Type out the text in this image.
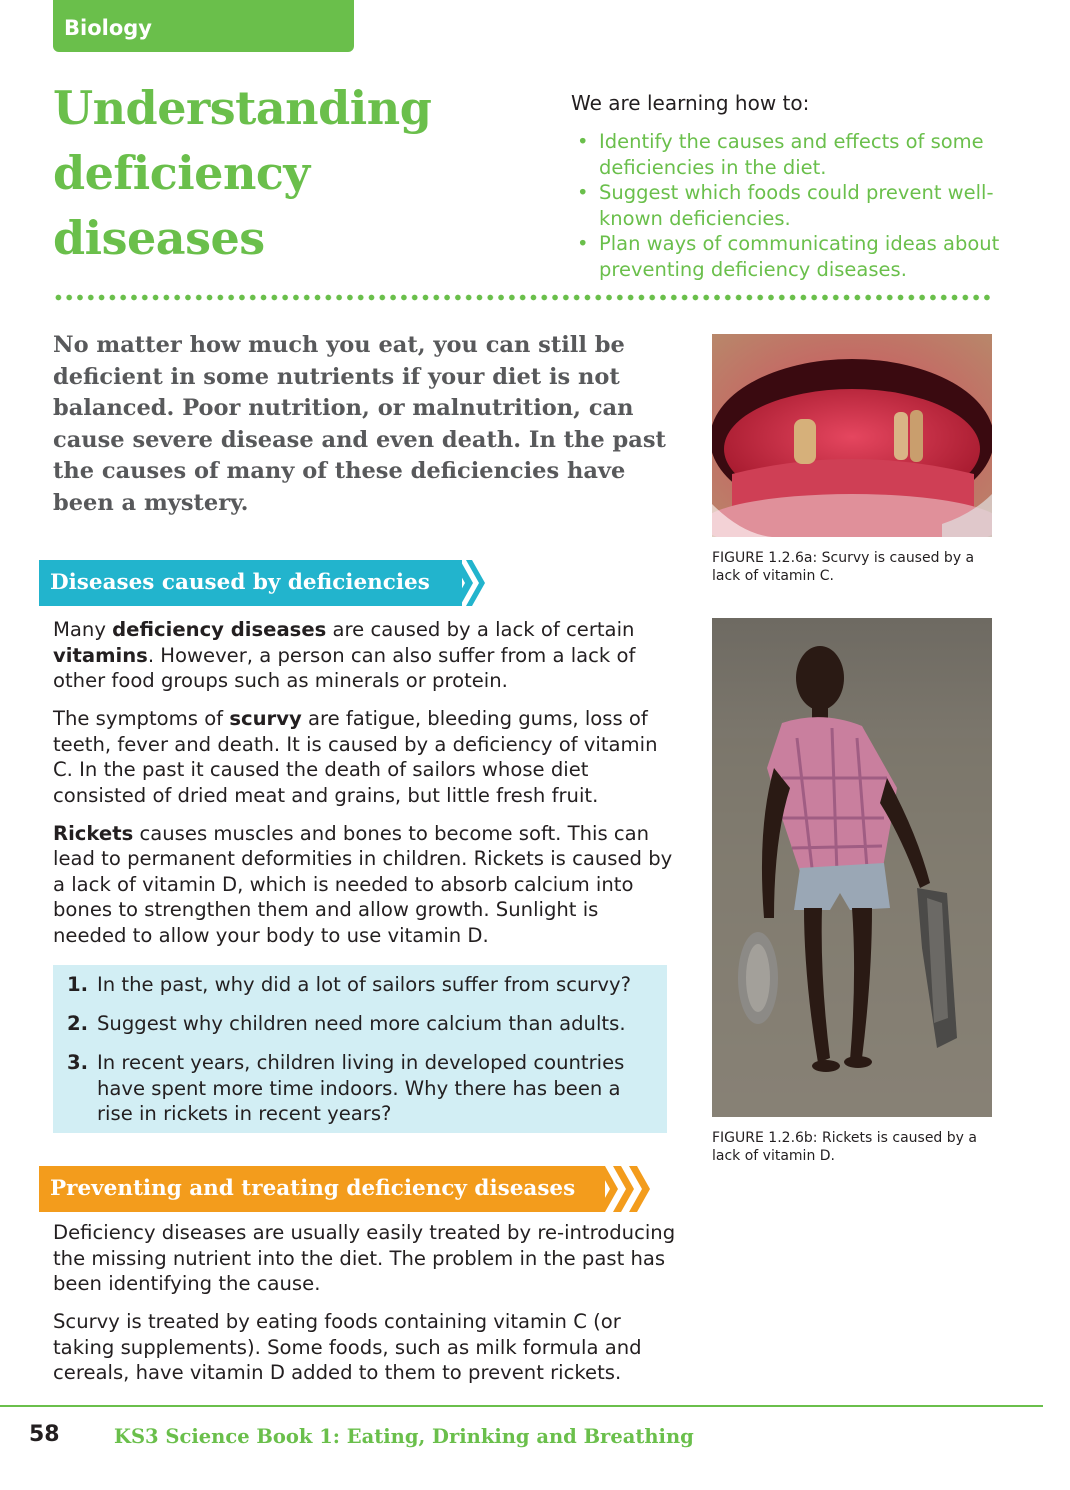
Biology
Understanding
deficiency
diseases

We are learning how to:

• Identify the causes and effects of some deficiencies in the diet.
• Suggest which foods could prevent well-known deficiencies.
• Plan ways of communicating ideas about preventing deficiency diseases.

No matter how much you eat, you can still be deficient in some nutrients if your diet is not balanced. Poor nutrition, or malnutrition, can cause severe disease and even death. In the past the causes of many of these deficiencies have been a mystery.

Diseases caused by deficiencies

Many deficiency diseases are caused by a lack of certain vitamins. However, a person can also suffer from a lack of other food groups such as minerals or protein.

The symptoms of scurvy are fatigue, bleeding gums, loss of teeth, fever and death. It is caused by a deficiency of vitamin C. In the past it caused the death of sailors whose diet consisted of dried meat and grains, but little fresh fruit.

Rickets causes muscles and bones to become soft. This can lead to permanent deformities in children. Rickets is caused by a lack of vitamin D, which is needed to absorb calcium into bones to strengthen them and allow growth. Sunlight is needed to allow your body to use vitamin D.

1. In the past, why did a lot of sailors suffer from scurvy?
2. Suggest why children need more calcium than adults.
3. In recent years, children living in developed countries have spent more time indoors. Why there has been a rise in rickets in recent years?
Preventing and treating deficiency diseases

Deficiency diseases are usually easily treated by re-introducing the missing nutrient into the diet. The problem in the past has been identifying the cause.

Scurvy is treated by eating foods containing vitamin C (or taking supplements). Some foods, such as milk formula and cereals, have vitamin D added to them to prevent rickets.

FIGURE 1.2.6a: Scurvy is caused by a lack of vitamin C.
FIGURE 1.2.6b: Rickets is caused by a lack of vitamin D.
58	KS3 Science Book 1: Eating, Drinking and Breathing
